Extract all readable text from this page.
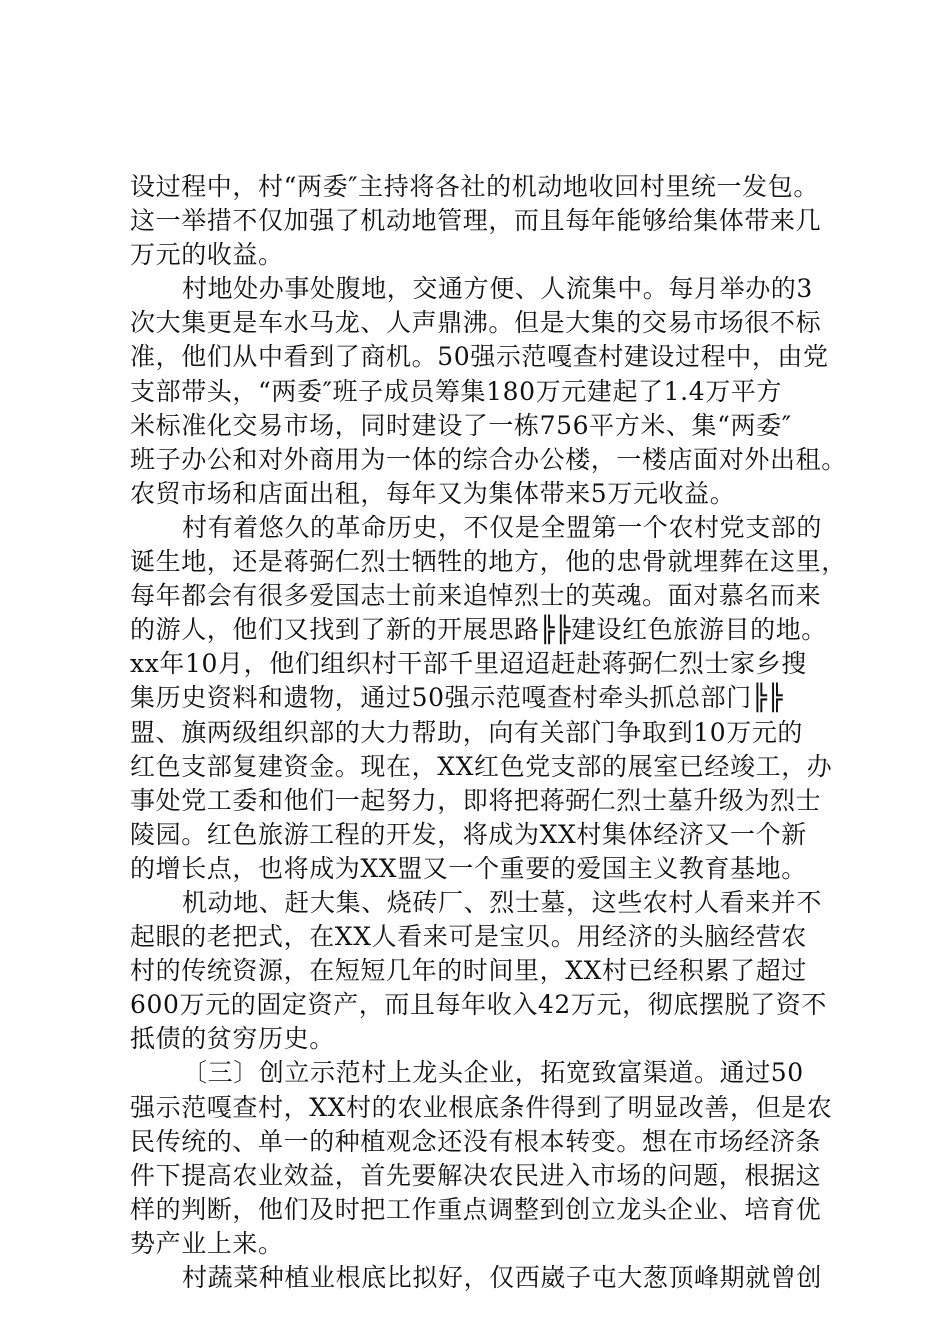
设过程中，村“两委″主持将各社的机动地收回村里统一发包。
这一举措不仅加强了机动地管理，而且每年能够给集体带来几
万元的收益。
村地处办事处腹地，交通方便、人流集中。每月举办的3
次大集更是车水马龙、人声鼎沸。但是大集的交易市场很不标
准，他们从中看到了商机。50强示范嘎查村建设过程中，由党
支部带头，“两委″班子成员筹集180万元建起了1.4万平方
米标准化交易市场，同时建设了一栋756平方米、集“两委″
班子办公和对外商用为一体的综合办公楼，一楼店面对外出租。
农贸市场和店面出租，每年又为集体带来5万元收益。
村有着悠久的革命历史，不仅是全盟第一个农村党支部的
诞生地，还是蒋弼仁烈士牺牲的地方，他的忠骨就埋葬在这里，
每年都会有很多爱国志士前来追悼烈士的英魂。面对慕名而来
的游人，他们又找到了新的开展思路╠╠建设红色旅游目的地。
xx年10月，他们组织村干部千里迢迢赶赴蒋弼仁烈士家乡搜
集历史资料和遗物，通过50强示范嘎查村牵头抓总部门╠╠
盟、旗两级组织部的大力帮助，向有关部门争取到10万元的
红色支部复建资金。现在，XX红色党支部的展室已经竣工，办
事处党工委和他们一起努力，即将把蒋弼仁烈士墓升级为烈士
陵园。红色旅游工程的开发，将成为XX村集体经济又一个新
的增长点，也将成为XX盟又一个重要的爱国主义教育基地。
机动地、赶大集、烧砖厂、烈士墓，这些农村人看来并不
起眼的老把式，在XX人看来可是宝贝。用经济的头脑经营农
村的传统资源，在短短几年的时间里，XX村已经积累了超过
600万元的固定资产，而且每年收入42万元，彻底摆脱了资不
抵债的贫穷历史。
〔三〕创立示范村上龙头企业，拓宽致富渠道。通过50
强示范嘎查村，XX村的农业根底条件得到了明显改善，但是农
民传统的、单一的种植观念还没有根本转变。想在市场经济条
件下提高农业效益，首先要解决农民进入市场的问题，根据这
样的判断，他们及时把工作重点调整到创立龙头企业、培育优
势产业上来。
村蔬菜种植业根底比拟好，仅西崴子屯大葱顶峰期就曾创
